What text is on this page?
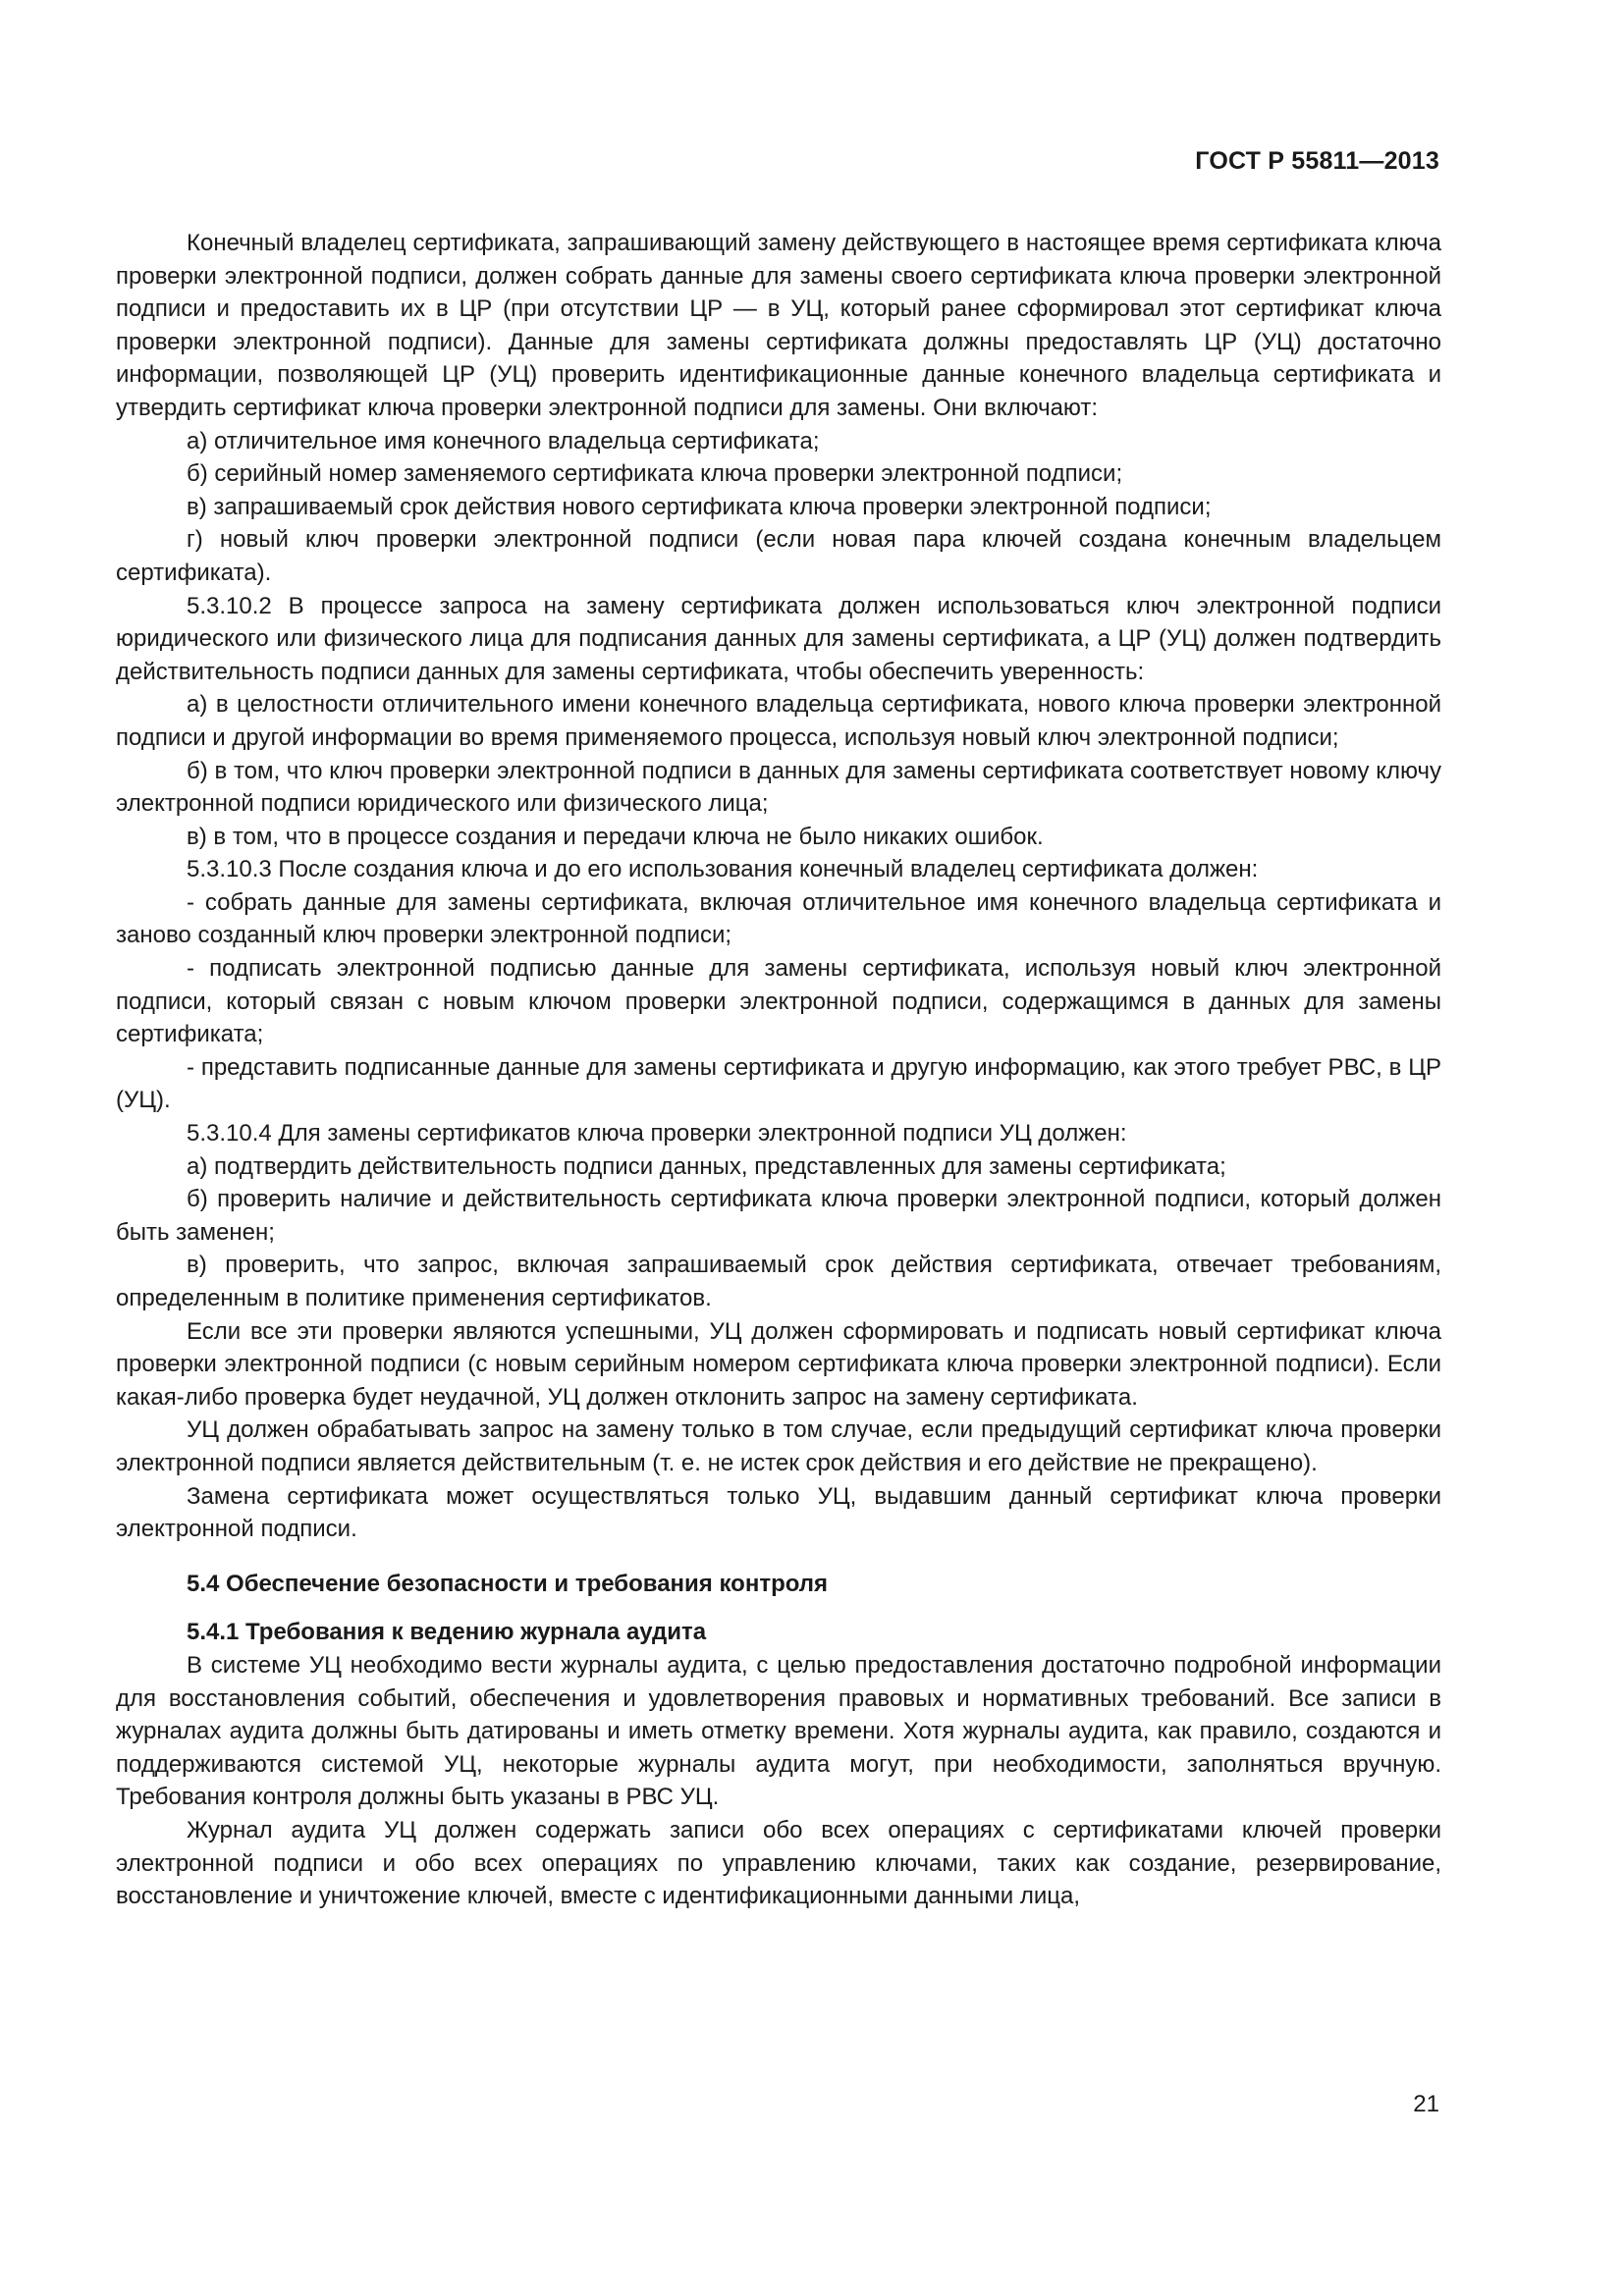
ГОСТ Р 55811—2013

Конечный владелец сертификата, запрашивающий замену действующего в настоящее время сертификата ключа проверки электронной подписи, должен собрать данные для замены своего сертификата ключа проверки электронной подписи и предоставить их в ЦР (при отсутствии ЦР — в УЦ, который ранее сформировал этот сертификат ключа проверки электронной подписи). Данные для замены сертификата должны предоставлять ЦР (УЦ) достаточно информации, позволяющей ЦР (УЦ) проверить идентификационные данные конечного владельца сертификата и утвердить сертификат ключа проверки электронной подписи для замены. Они включают:

а) отличительное имя конечного владельца сертификата;

б) серийный номер заменяемого сертификата ключа проверки электронной подписи;

в) запрашиваемый срок действия нового сертификата ключа проверки электронной подписи;

г) новый ключ проверки электронной подписи (если новая пара ключей создана конечным владельцем сертификата).

5.3.10.2 В процессе запроса на замену сертификата должен использоваться ключ электронной подписи юридического или физического лица для подписания данных для замены сертификата, а ЦР (УЦ) должен подтвердить действительность подписи данных для замены сертификата, чтобы обеспечить уверенность:

а) в целостности отличительного имени конечного владельца сертификата, нового ключа проверки электронной подписи и другой информации во время применяемого процесса, используя новый ключ электронной подписи;

б) в том, что ключ проверки электронной подписи в данных для замены сертификата соответствует новому ключу электронной подписи юридического или физического лица;

в) в том, что в процессе создания и передачи ключа не было никаких ошибок.

5.3.10.3 После создания ключа и до его использования конечный владелец сертификата должен:

- собрать данные для замены сертификата, включая отличительное имя конечного владельца сертификата и заново созданный ключ проверки электронной подписи;

- подписать электронной подписью данные для замены сертификата, используя новый ключ электронной подписи, который связан с новым ключом проверки электронной подписи, содержащимся в данных для замены сертификата;

- представить подписанные данные для замены сертификата и другую информацию, как этого требует РВС, в ЦР (УЦ).

5.3.10.4 Для замены сертификатов ключа проверки электронной подписи УЦ должен:

а) подтвердить действительность подписи данных, представленных для замены сертификата;

б) проверить наличие и действительность сертификата ключа проверки электронной подписи, который должен быть заменен;

в) проверить, что запрос, включая запрашиваемый срок действия сертификата, отвечает требованиям, определенным в политике применения сертификатов.

Если все эти проверки являются успешными, УЦ должен сформировать и подписать новый сертификат ключа проверки электронной подписи (с новым серийным номером сертификата ключа проверки электронной подписи). Если какая-либо проверка будет неудачной, УЦ должен отклонить запрос на замену сертификата.

УЦ должен обрабатывать запрос на замену только в том случае, если предыдущий сертификат ключа проверки электронной подписи является действительным (т. е. не истек срок действия и его действие не прекращено).

Замена сертификата может осуществляться только УЦ, выдавшим данный сертификат ключа проверки электронной подписи.

5.4 Обеспечение безопасности и требования контроля
5.4.1 Требования к ведению журнала аудита

В системе УЦ необходимо вести журналы аудита, с целью предоставления достаточно подробной информации для восстановления событий, обеспечения и удовлетворения правовых и нормативных требований. Все записи в журналах аудита должны быть датированы и иметь отметку времени. Хотя журналы аудита, как правило, создаются и поддерживаются системой УЦ, некоторые журналы аудита могут, при необходимости, заполняться вручную. Требования контроля должны быть указаны в РВС УЦ.

Журнал аудита УЦ должен содержать записи обо всех операциях с сертификатами ключей проверки электронной подписи и обо всех операциях по управлению ключами, таких как создание, резервирование, восстановление и уничтожение ключей, вместе с идентификационными данными лица,

21
